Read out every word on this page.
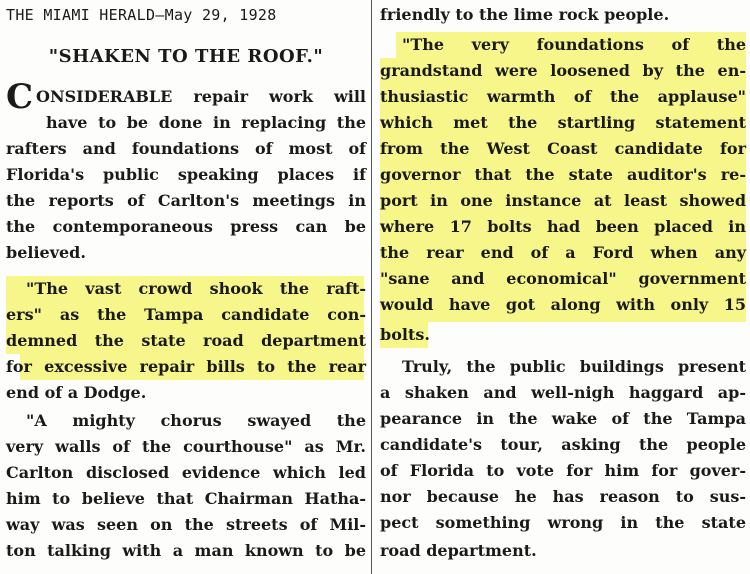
THE MIAMI HERALD–May 29, 1928
"SHAKEN TO THE ROOF."
C ONSIDERABLE repair work will
have to be done in replacing the
rafters and foundations of most of
Florida's public speaking places if
the reports of Carlton's meetings in
the contemporaneous press can be
believed.
"The vast crowd shook the raft-
ers" as the Tampa candidate con-
demned the state road department
for excessive repair bills to the rear
end of a Dodge.
"A mighty chorus swayed the
very walls of the courthouse" as Mr.
Carlton disclosed evidence which led
him to believe that Chairman Hatha-
way was seen on the streets of Mil-
ton talking with a man known to be
friendly to the lime rock people.
"The very foundations of the
grandstand were loosened by the en-
thusiastic warmth of the applause"
which met the startling statement
from the West Coast candidate for
governor that the state auditor's re-
port in one instance at least showed
where 17 bolts had been placed in
the rear end of a Ford when any
"sane and economical" government
would have got along with only 15
bolts.
Truly, the public buildings present
a shaken and well-nigh haggard ap-
pearance in the wake of the Tampa
candidate's tour, asking the people
of Florida to vote for him for gover-
nor because he has reason to sus-
pect something wrong in the state
road department.
